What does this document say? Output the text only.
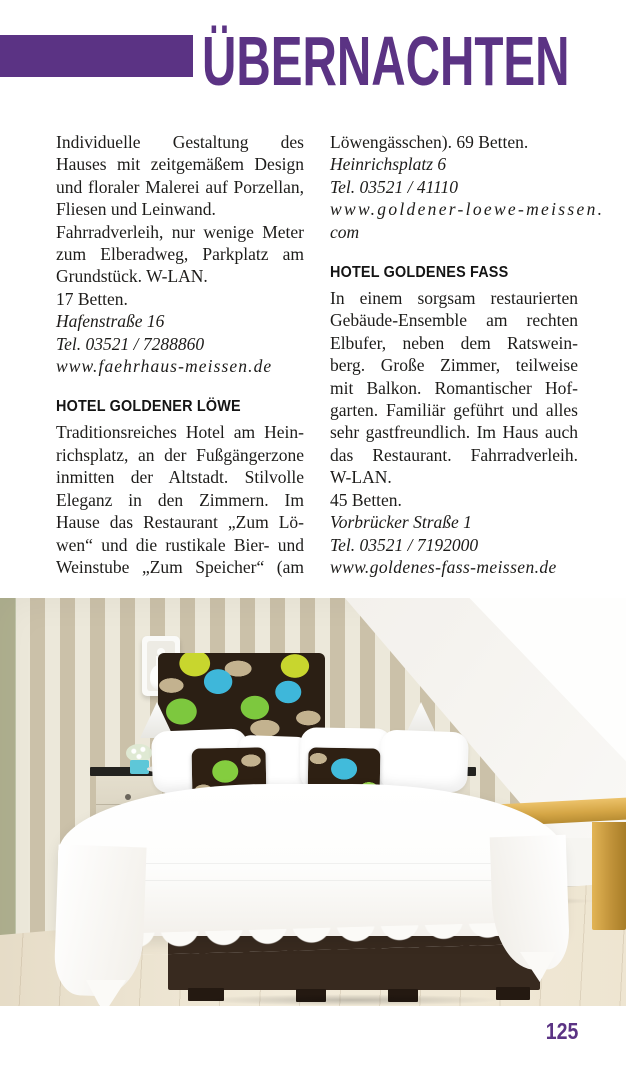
ÜBERNACHTEN
Individuelle Gestaltung des
Hauses mit zeitgemäßem Design
und floraler Malerei auf Porzellan,
Fliesen und Leinwand.
Fahrradverleih, nur wenige Meter
zum Elberadweg, Parkplatz am
Grundstück. W-LAN.
17 Betten.
Hafenstraße 16
Tel. 03521 / 7288860
www.faehrhaus-meissen.de
HOTEL GOLDENER LÖWE
Traditionsreiches Hotel am Hein-
richsplatz, an der Fußgängerzone
inmitten der Altstadt. Stilvolle
Eleganz in den Zimmern. Im
Hause das Restaurant „Zum Lö-
wen“ und die rustikale Bier- und
Weinstube „Zum Speicher“ (am
Löwengässchen). 69 Betten.
Heinrichsplatz 6
Tel. 03521 / 41110
www.goldener-loewe-meissen.
com
HOTEL GOLDENES FASS
In einem sorgsam restaurierten
Gebäude-Ensemble am rechten
Elbufer, neben dem Ratswein-
berg. Große Zimmer, teilweise
mit Balkon. Romantischer Hof-
garten. Familiär geführt und alles
sehr gastfreundlich. Im Haus auch
das Restaurant. Fahrradverleih.
W-LAN.
45 Betten.
Vorbrücker Straße 1
Tel. 03521 / 7192000
www.goldenes-fass-meissen.de
125
